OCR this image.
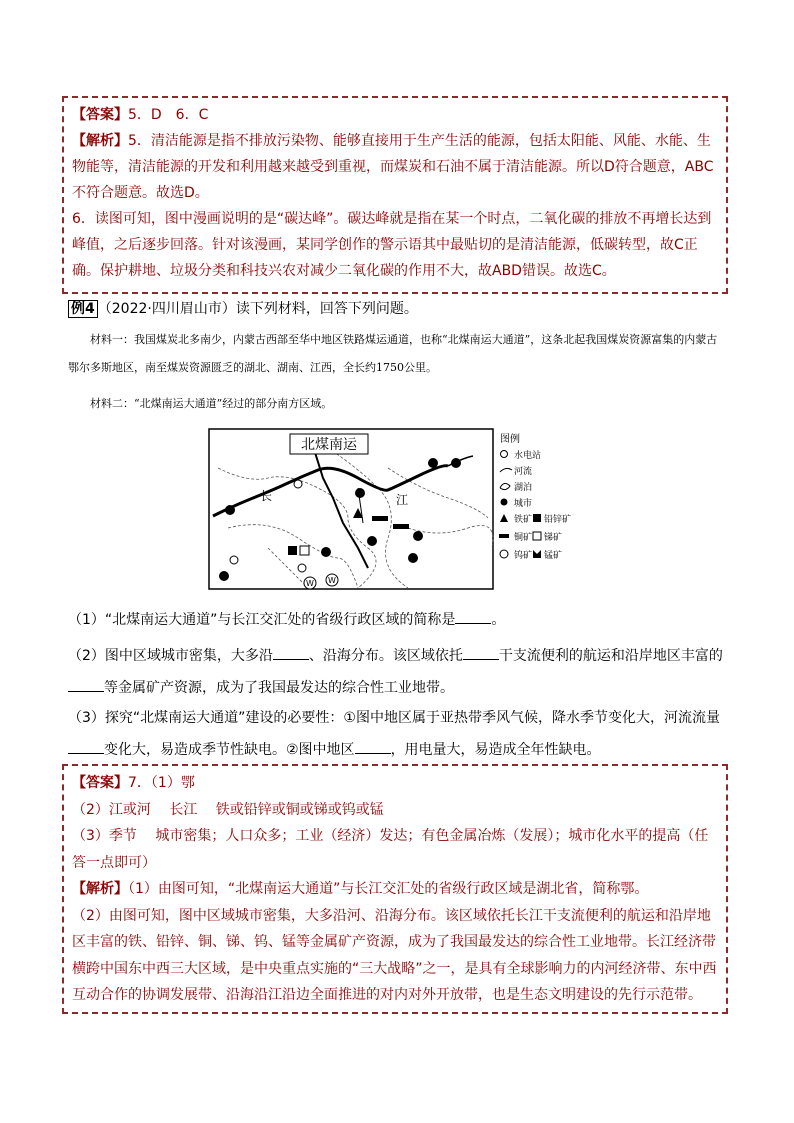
【答案】5．D　6．C

【解析】5．清洁能源是指不排放污染物、能够直接用于生产生活的能源，包括太阳能、风能、水能、生物能等，清洁能源的开发和利用越来越受到重视，而煤炭和石油不属于清洁能源。所以D符合题意，ABC不符合题意。故选D。

6．读图可知，图中漫画说明的是“碳达峰”。碳达峰就是指在某一个时点，二氧化碳的排放不再增长达到峰值，之后逐步回落。针对该漫画，某同学创作的警示语其中最贴切的是清洁能源，低碳转型，故C正确。保护耕地、垃圾分类和科技兴农对减少二氧化碳的作用不大，故ABD错误。故选C。

例4 （2022·四川眉山市）读下列材料，回答下列问题。
材料一：我国煤炭北多南少，内蒙古西部至华中地区铁路煤运通道，也称“北煤南运大通道”，这条北起我国煤炭资源富集的内蒙古鄂尔多斯地区，南至煤炭资源匮乏的湖北、湖南、江西，全长约1750公里。
材料二：“北煤南运大通道”经过的部分南方区域。
北煤南运
长	江
W W
图例
水电站
河流
湖泊
城市
铁矿 铅锌矿
铜矿 锑矿
钨矿 锰矿
（1）“北煤南运大通道”与长江交汇处的省级行政区域的简称是	。
（2）图中区域城市密集，大多沿	、沿海分布。该区域依托	干支流便利的航运和沿岸地区丰富的
等金属矿产资源，成为了我国最发达的综合性工业地带。
（3）探究“北煤南运大通道”建设的必要性：①图中地区属于亚热带季风气候，降水季节变化大，河流流量
变化大，易造成季节性缺电。②图中地区	，用电量大，易造成全年性缺电。

【答案】7．（1）鄂

（2）江或河　 长江　 铁或铅锌或铜或锑或钨或锰

（3）季节　 城市密集；人口众多；工业（经济）发达；有色金属冶炼（发展）；城市化水平的提高（任答一点即可）

【解析】（1）由图可知，“北煤南运大通道”与长江交汇处的省级行政区域是湖北省，简称鄂。

（2）由图可知，图中区域城市密集，大多沿河、沿海分布。该区域依托长江干支流便利的航运和沿岸地区丰富的铁、铅锌、铜、锑、钨、锰等金属矿产资源，成为了我国最发达的综合性工业地带。长江经济带横跨中国东中西三大区域，是中央重点实施的“三大战略”之一，是具有全球影响力的内河经济带、东中西互动合作的协调发展带、沿海沿江沿边全面推进的对内对外开放带，也是生态文明建设的先行示范带。
